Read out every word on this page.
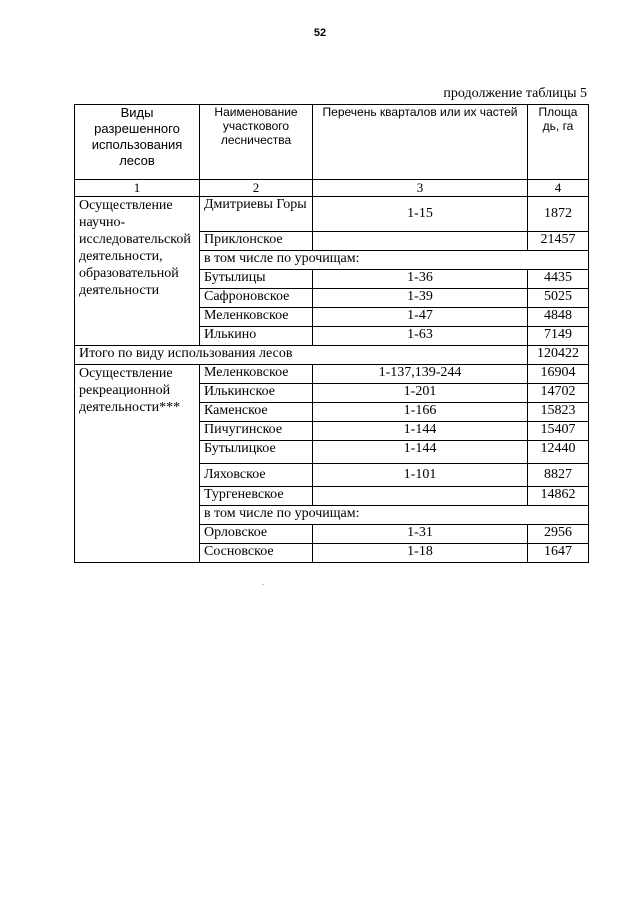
52
продолжение таблицы 5
Виды разрешенного использования лесов	Наименование участкового лесничества	Перечень кварталов или их частей	Площа дь, га
1	2	3	4
Осуществление научно-исследовательской деятельности, образовательной деятельности	Дмитриевы Горы	1-15	1872
	Приклонское		21457
	в том числе по урочищам:		
	Бутылицы	1-36	4435
	Сафроновское	1-39	5025
	Меленковское	1-47	4848
	Илькино	1-63	7149
Итого по виду использования лесов			120422
Осуществление рекреационной деятельности***	Меленковское	1-137,139-244	16904
	Илькинское	1-201	14702
	Каменское	1-166	15823
	Пичугинское	1-144	15407
	Бутылицкое	1-144	12440
	Ляховское	1-101	8827
	Тургеневское		14862
	в том числе по урочищам:		
	Орловское	1-31	2956
	Сосновское	1-18	1647
